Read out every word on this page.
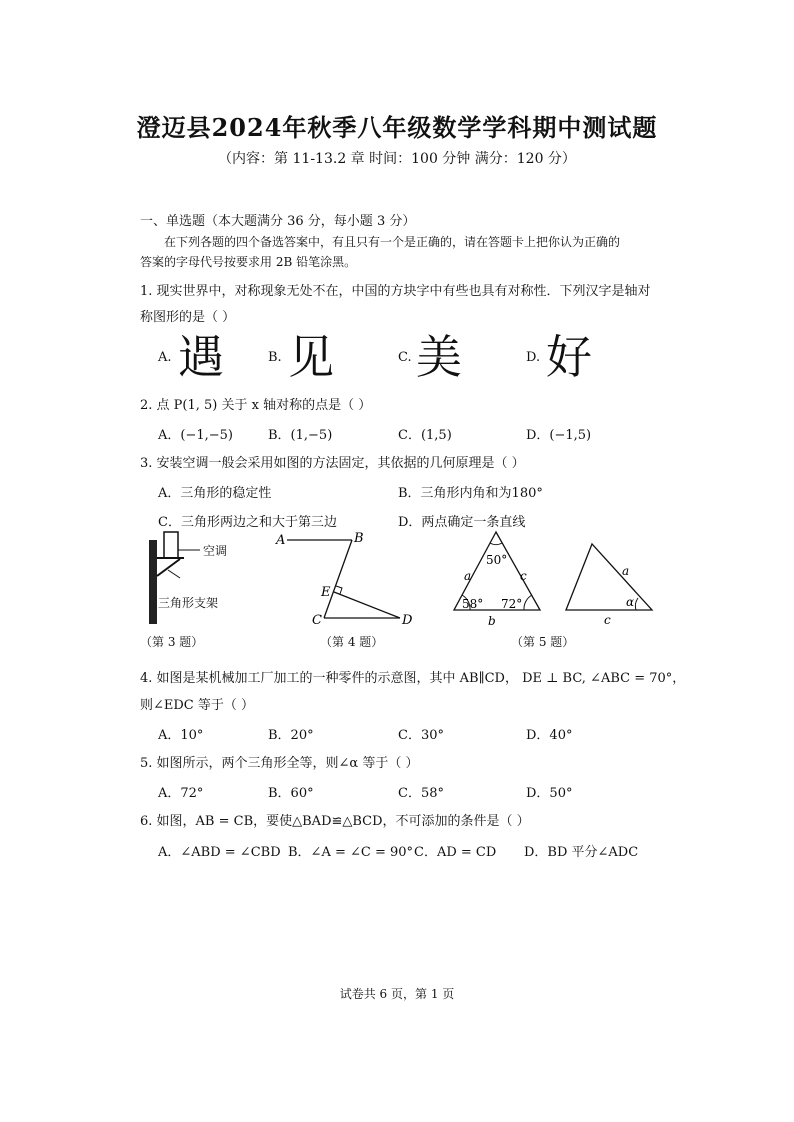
澄迈县2024年秋季八年级数学学科期中测试题
（内容：第 11-13.2 章 时间：100 分钟 满分：120 分）
一、单选题（本大题满分 36 分，每小题 3 分）
在下列各题的四个备选答案中，有且只有一个是正确的，请在答题卡上把你认为正确的
答案的字母代号按要求用 2B 铅笔涂黑。
1. 现实世界中，对称现象无处不在，中国的方块字中有些也具有对称性．下列汉字是轴对
称图形的是（ ）
A. 遇	B. 见	C. 美	D. 好
2. 点 P(1, 5) 关于 x 轴对称的点是（ ）
A．(−1,−5)	B．(1,−5)	C．(1,5)	D．(−1,5)
3. 安装空调一般会采用如图的方法固定，其依据的几何原理是（ ）
A．三角形的稳定性	B．三角形内角和为180°
C．三角形两边之和大于第三边	D．两点确定一条直线
空调
三角形支架
（第 3 题）
A	B
C	D
E
（第 4 题）
50°
58° 72°
a	c
b
（第 5 题）
a
α
c
4. 如图是某机械加工厂加工的一种零件的示意图，其中 AB∥CD， DE ⊥ BC, ∠ABC = 70°，
则∠EDC 等于（ ）
A．10°	B．20°	C．30°	D．40°
5. 如图所示，两个三角形全等，则∠α 等于（ ）
A．72°	B．60°	C．58°	D．50°
6. 如图，AB = CB，要使△BAD≌△BCD，不可添加的条件是（ ）
A．∠ABD = ∠CBD B．∠A = ∠C = 90° C．AD = CD D．BD 平分∠ADC
试卷共 6 页，第 1 页
